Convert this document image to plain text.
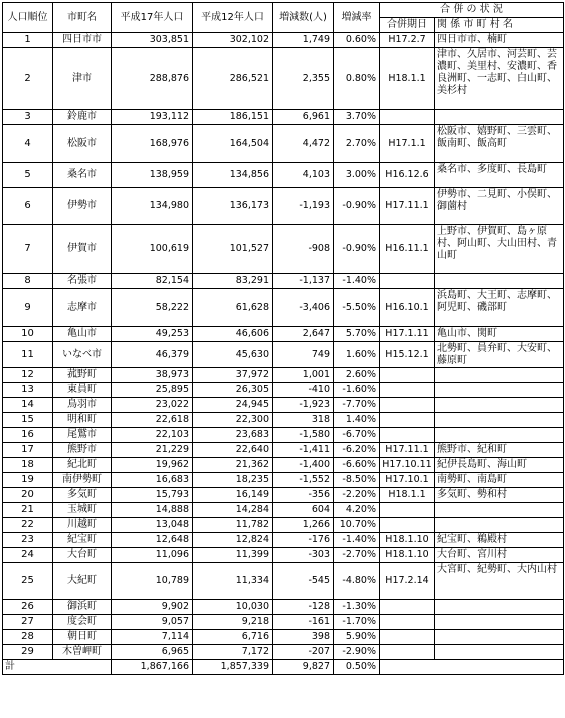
人口順位	市町名	平成17年人口	平成12年人口	増減数(人)	増減率	合 併 の 状 況	
						合併期日	関 係 市 町 村 名
1	四日市市	303,851	302,102	1,749	0.60%	H17.2.7	四日市市、楠町
2	津市	288,876	286,521	2,355	0.80%	H18.1.1	津市、久居市、河芸町、芸濃町、美里村、安濃町、香良洲町、一志町、白山町、美杉村
3	鈴鹿市	193,112	186,151	6,961	3.70%		
4	松阪市	168,976	164,504	4,472	2.70%	H17.1.1	松阪市、嬉野町、三雲町、飯南町、飯高町
5	桑名市	138,959	134,856	4,103	3.00%	H16.12.6	桑名市、多度町、長島町
6	伊勢市	134,980	136,173	-1,193	-0.90%	H17.11.1	伊勢市、二見町、小俣町、御薗村
7	伊賀市	100,619	101,527	-908	-0.90%	H16.11.1	上野市、伊賀町、島ヶ原村、阿山町、大山田村、青山町
8	名張市	82,154	83,291	-1,137	-1.40%		
9	志摩市	58,222	61,628	-3,406	-5.50%	H16.10.1	浜島町、大王町、志摩町、阿児町、磯部町
10	亀山市	49,253	46,606	2,647	5.70%	H17.1.11	亀山市、関町
11	いなべ市	46,379	45,630	749	1.60%	H15.12.1	北勢町、員弁町、大安町、藤原町
12	菰野町	38,973	37,972	1,001	2.60%		
13	東員町	25,895	26,305	-410	-1.60%		
14	鳥羽市	23,022	24,945	-1,923	-7.70%		
15	明和町	22,618	22,300	318	1.40%		
16	尾鷲市	22,103	23,683	-1,580	-6.70%		
17	熊野市	21,229	22,640	-1,411	-6.20%	H17.11.1	熊野市、紀和町
18	紀北町	19,962	21,362	-1,400	-6.60%	H17.10.11	紀伊長島町、海山町
19	南伊勢町	16,683	18,235	-1,552	-8.50%	H17.10.1	南勢町、南島町
20	多気町	15,793	16,149	-356	-2.20%	H18.1.1	多気町、勢和村
21	玉城町	14,888	14,284	604	4.20%		
22	川越町	13,048	11,782	1,266	10.70%		
23	紀宝町	12,648	12,824	-176	-1.40%	H18.1.10	紀宝町、鵜殿村
24	大台町	11,096	11,399	-303	-2.70%	H18.1.10	大台町、宮川村
25	大紀町	10,789	11,334	-545	-4.80%	H17.2.14	大宮町、紀勢町、大内山村
26	御浜町	9,902	10,030	-128	-1.30%		
27	度会町	9,057	9,218	-161	-1.70%		
28	朝日町	7,114	6,716	398	5.90%		
29	木曽岬町	6,965	7,172	-207	-2.90%		
計		1,867,166	1,857,339	9,827	0.50%		
